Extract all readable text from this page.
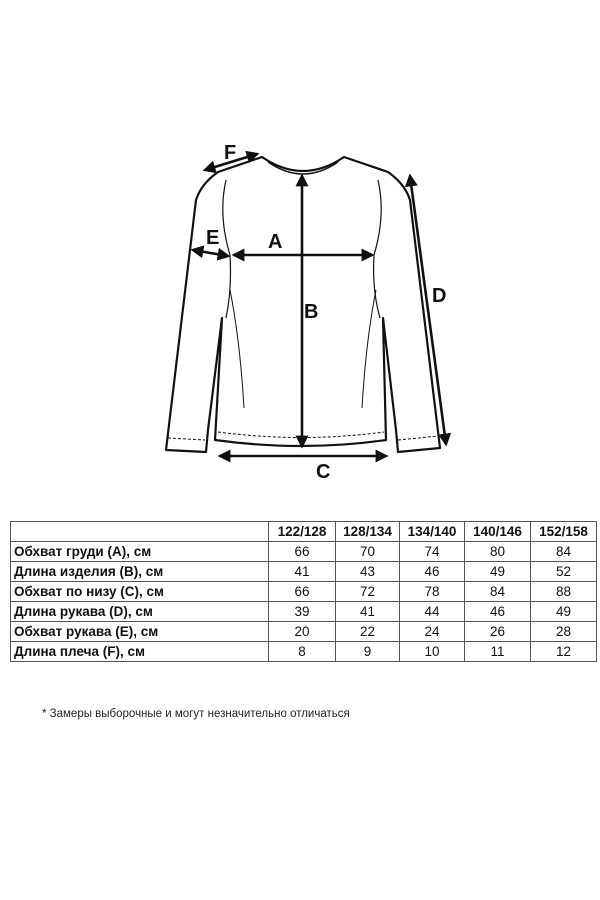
A
B
C
D
E
F
	122/128	128/134	134/140	140/146	152/158
Обхват груди (А), см	66	70	74	80	84
Длина изделия (В), см	41	43	46	49	52
Обхват по низу (С), см	66	72	78	84	88
Длина рукава (D), см	39	41	44	46	49
Обхват рукава (Е), см	20	22	24	26	28
Длина плеча (F), см	8	9	10	11	12
* Замеры выборочные и могут незначительно отличаться
